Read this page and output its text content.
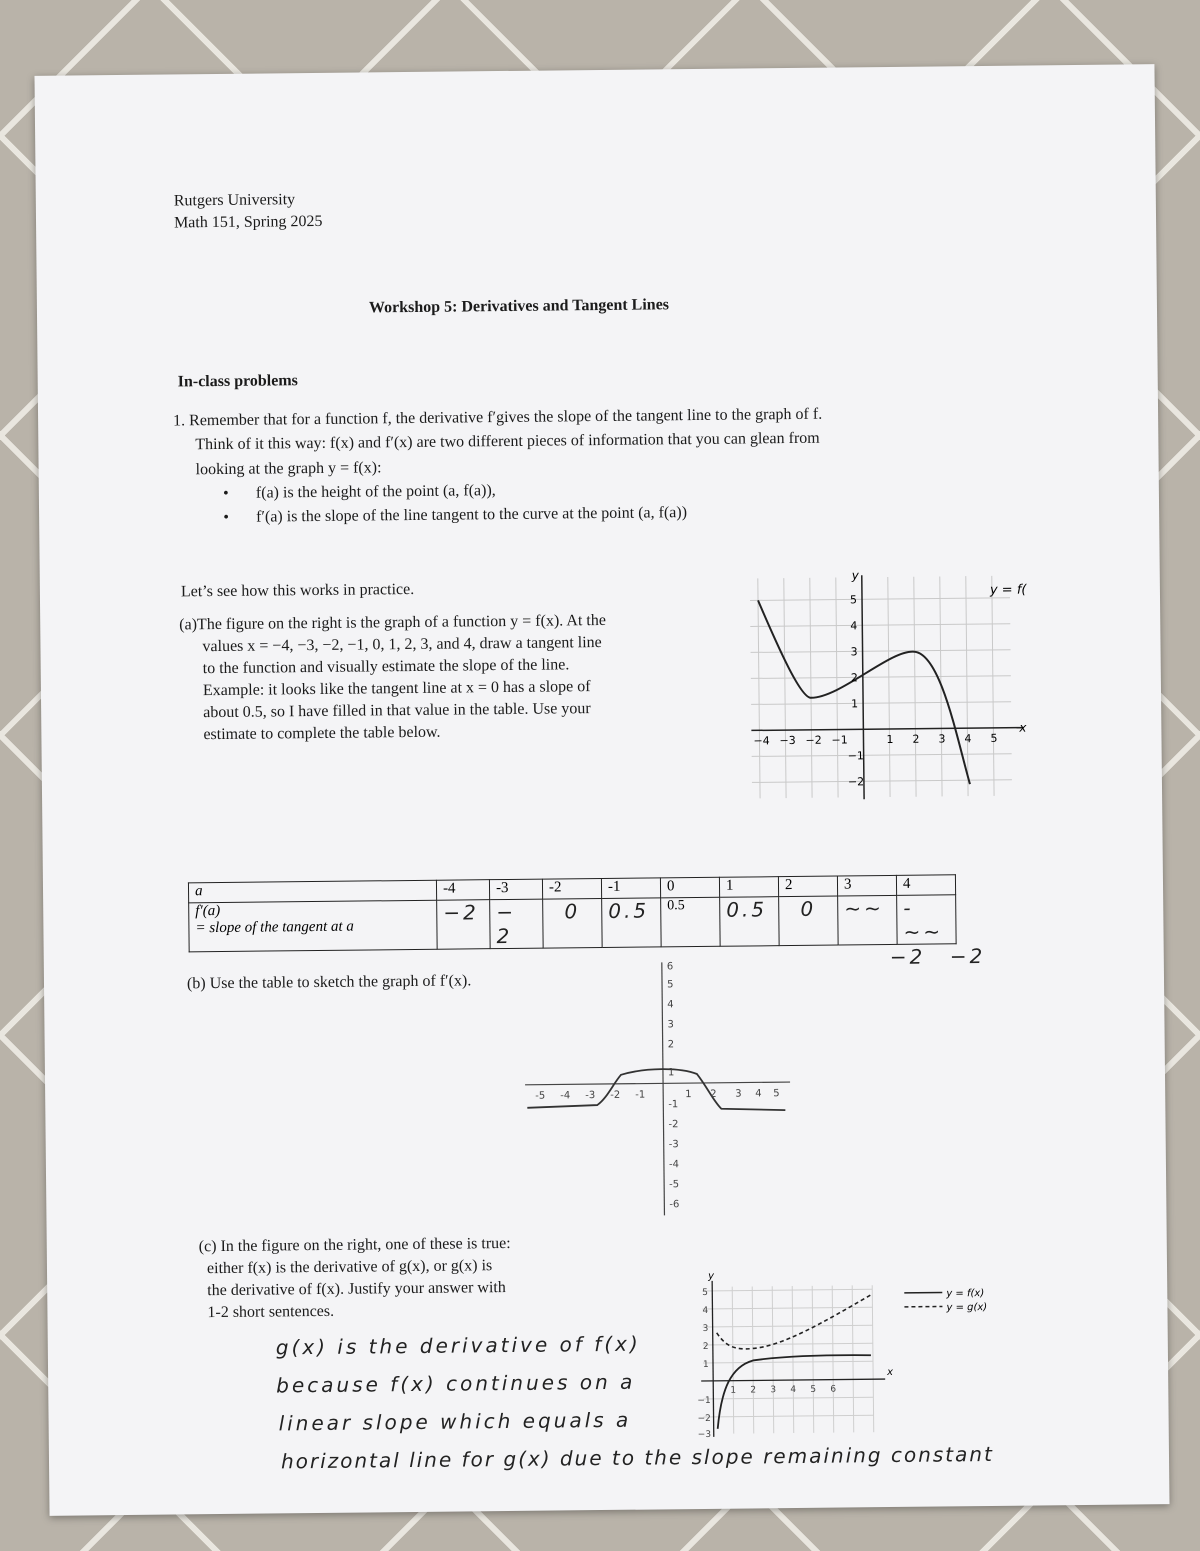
Rutgers University
Math 151, Spring 2025
Workshop 5: Derivatives and Tangent Lines
In-class problems
1. Remember that for a function f, the derivative f′gives the slope of the tangent line to the graph of f.
Think of it this way: f(x) and f′(x) are two different pieces of information that you can glean from
looking at the graph y = f(x):
• f(a) is the height of the point (a, f(a)),
• f′(a) is the slope of the line tangent to the curve at the point (a, f(a))
Let’s see how this works in practice.
(a)The figure on the right is the graph of a function y = f(x). At the
values x = −4, −3, −2, −1, 0, 1, 2, 3, and 4, draw a tangent line
to the function and visually estimate the slope of the line.
Example: it looks like the tangent line at x = 0 has a slope of
about 0.5, so I have filled in that value in the table. Use your
estimate to complete the table below.
y
x
y = f(
−4 −3 −2 −1	1 2 3 4 5
5
4
3
2
1
−1
−2
a	-4	-3	-2	-1	0	1	2	3	4

f′(a)
= slope of the tangent at a	−2	− 2	0	0.5	0.5	0.5	0	~~	-~~
−2 −2
(b) Use the table to sketch the graph of f′(x).
6
5
4
3
2
1
-1
-2
-3
-4
-5
-6
-5 -4 -3 -2 -1	1 2 3 4 5
(c) In the figure on the right, one of these is true:
either f(x) is the derivative of g(x), or g(x) is
the derivative of f(x). Justify your answer with
1-2 short sentences.
y = f(x)
y = g(x)
y
x
1 2 3 4 5 6
5
4
3
2
1
−1
−2
−3
g(x) is the derivative of f(x)
because f(x) continues on a
linear slope which equals a
horizontal line for g(x) due to the slope remaining constant
